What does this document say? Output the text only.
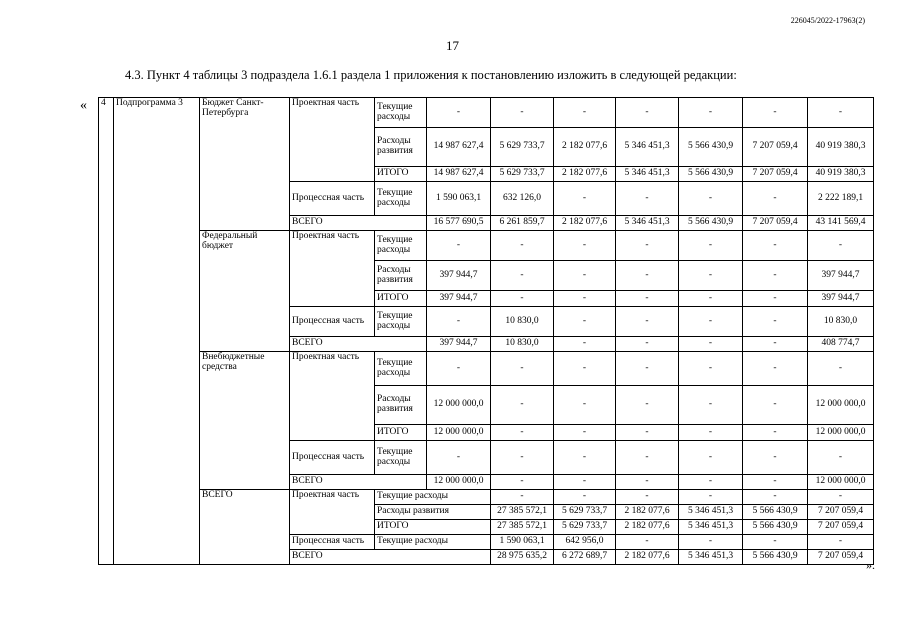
226045/2022-17963(2)
17
4.3. Пункт 4 таблицы 3 подраздела 1.6.1 раздела 1 приложения к постановлению изложить в следующей редакции:
«
».
4	Подпрограмма 3	Бюджет Санкт-Петербурга	Проектная часть	Текущие расходы	-	-	-	-	-	-	-	
				Расходы развития	14 987 627,4	5 629 733,7	2 182 077,6	5 346 451,3	5 566 430,9	7 207 059,4	40 919 380,3	
				ИТОГО	14 987 627,4	5 629 733,7	2 182 077,6	5 346 451,3	5 566 430,9	7 207 059,4	40 919 380,3	
			Процессная часть	Текущие расходы	1 590 063,1	632 126,0	-	-	-	-	2 222 189,1	
			ВСЕГО		16 577 690,5	6 261 859,7	2 182 077,6	5 346 451,3	5 566 430,9	7 207 059,4	43 141 569,4	
		Федеральный бюджет	Проектная часть	Текущие расходы	-	-	-	-	-	-	-	
				Расходы развития	397 944,7	-	-	-	-	-	397 944,7	
				ИТОГО	397 944,7	-	-	-	-	-	397 944,7	
			Процессная часть	Текущие расходы	-	10 830,0	-	-	-	-	10 830,0	
			ВСЕГО		397 944,7	10 830,0	-	-	-	-	408 774,7	
		Внебюджетные средства	Проектная часть	Текущие расходы	-	-	-	-	-	-	-	
				Расходы развития	12 000 000,0	-	-	-	-	-	12 000 000,0	
				ИТОГО	12 000 000,0	-	-	-	-	-	12 000 000,0	
			Процессная часть	Текущие расходы	-	-	-	-	-	-	-	
			ВСЕГО		12 000 000,0	-	-	-	-	-	12 000 000,0	
		ВСЕГО	Проектная часть	Текущие расходы		-	-	-	-	-	-	
				Расходы развития		27 385 572,1	5 629 733,7	2 182 077,6	5 346 451,3	5 566 430,9	7 207 059,4	
				ИТОГО		27 385 572,1	5 629 733,7	2 182 077,6	5 346 451,3	5 566 430,9	7 207 059,4	
			Процессная часть	Текущие расходы		1 590 063,1	642 956,0	-	-	-	-	
			ВСЕГО			28 975 635,2	6 272 689,7	2 182 077,6	5 346 451,3	5 566 430,9	7 207 059,4	
